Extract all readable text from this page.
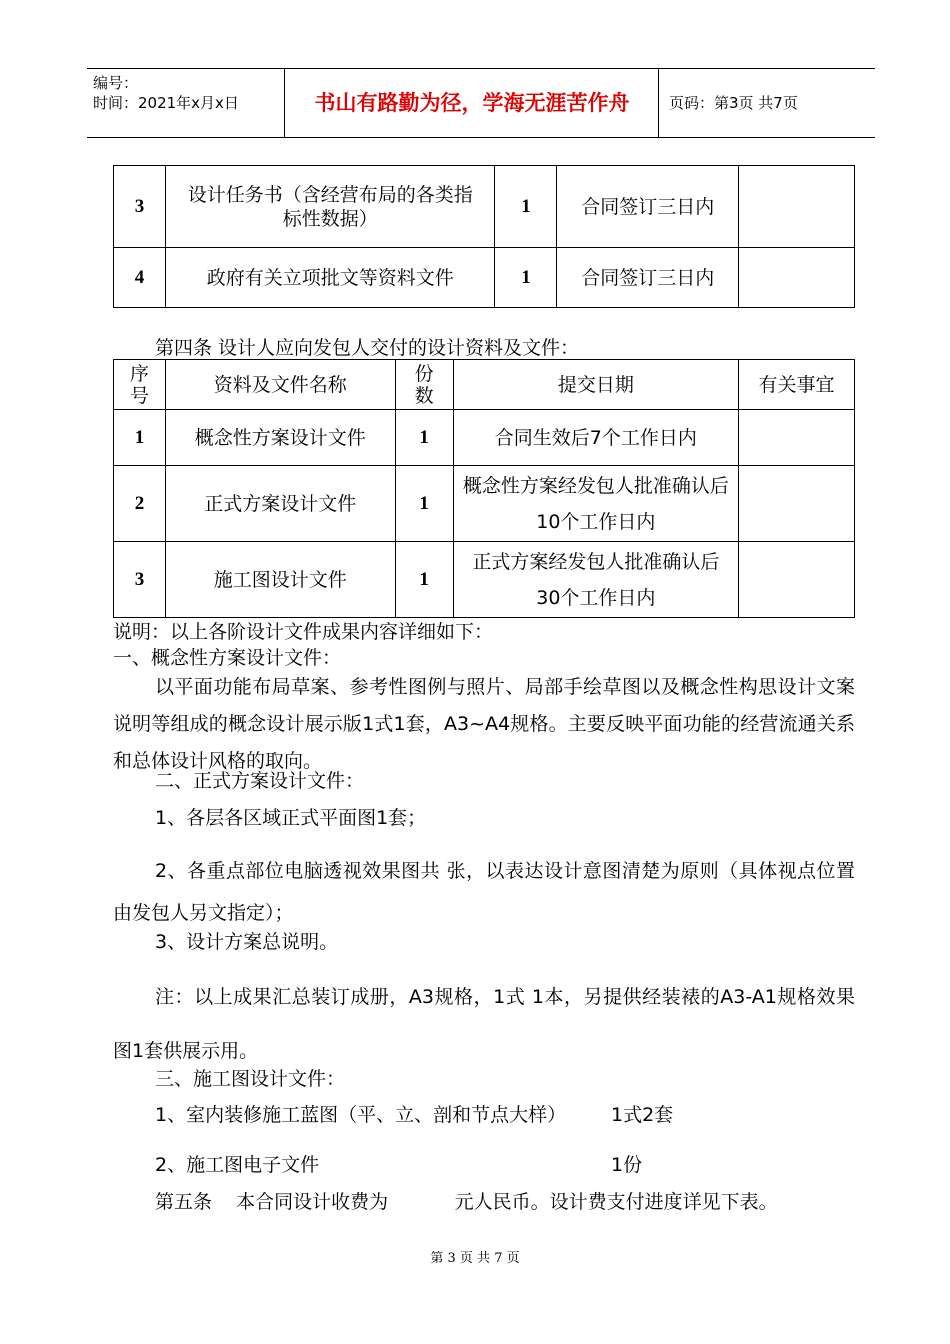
编号：
时间：2021年x月x日	书山有路勤为径，学海无涯苦作舟	页码：第3页 共7页
3	设计任务书（含经营布局的各类指标性数据）	1	合同签订三日内	
4	政府有关立项批文等资料文件	1	合同签订三日内	
第四条 设计人应向发包人交付的设计资料及文件：
序号	资料及文件名称	份数	提交日期	有关事宜
1	概念性方案设计文件	1	合同生效后7个工作日内	
2	正式方案设计文件	1	概念性方案经发包人批准确认后10个工作日内	
3	施工图设计文件	1	正式方案经发包人批准确认后30个工作日内	
说明：以上各阶设计文件成果内容详细如下：
一、概念性方案设计文件：
以平面功能布局草案、参考性图例与照片、局部手绘草图以及概念性构思设计文案说明等组成的概念设计展示版1式1套，A3~A4规格。主要反映平面功能的经营流通关系和总体设计风格的取向。
二、正式方案设计文件：
1、各层各区域正式平面图1套；
2、各重点部位电脑透视效果图共 张，以表达设计意图清楚为原则（具体视点位置由发包人另文指定）；
3、设计方案总说明。
注：以上成果汇总装订成册，A3规格，1式 1本，另提供经装裱的A3-A1规格效果图1套供展示用。
三、施工图设计文件：
1、室内装修施工蓝图（平、立、剖和节点大样） 1式2套
2、施工图电子文件	1份
第五条    本合同设计收费为           元人民币。设计费支付进度详见下表。
第 3 页 共 7 页
